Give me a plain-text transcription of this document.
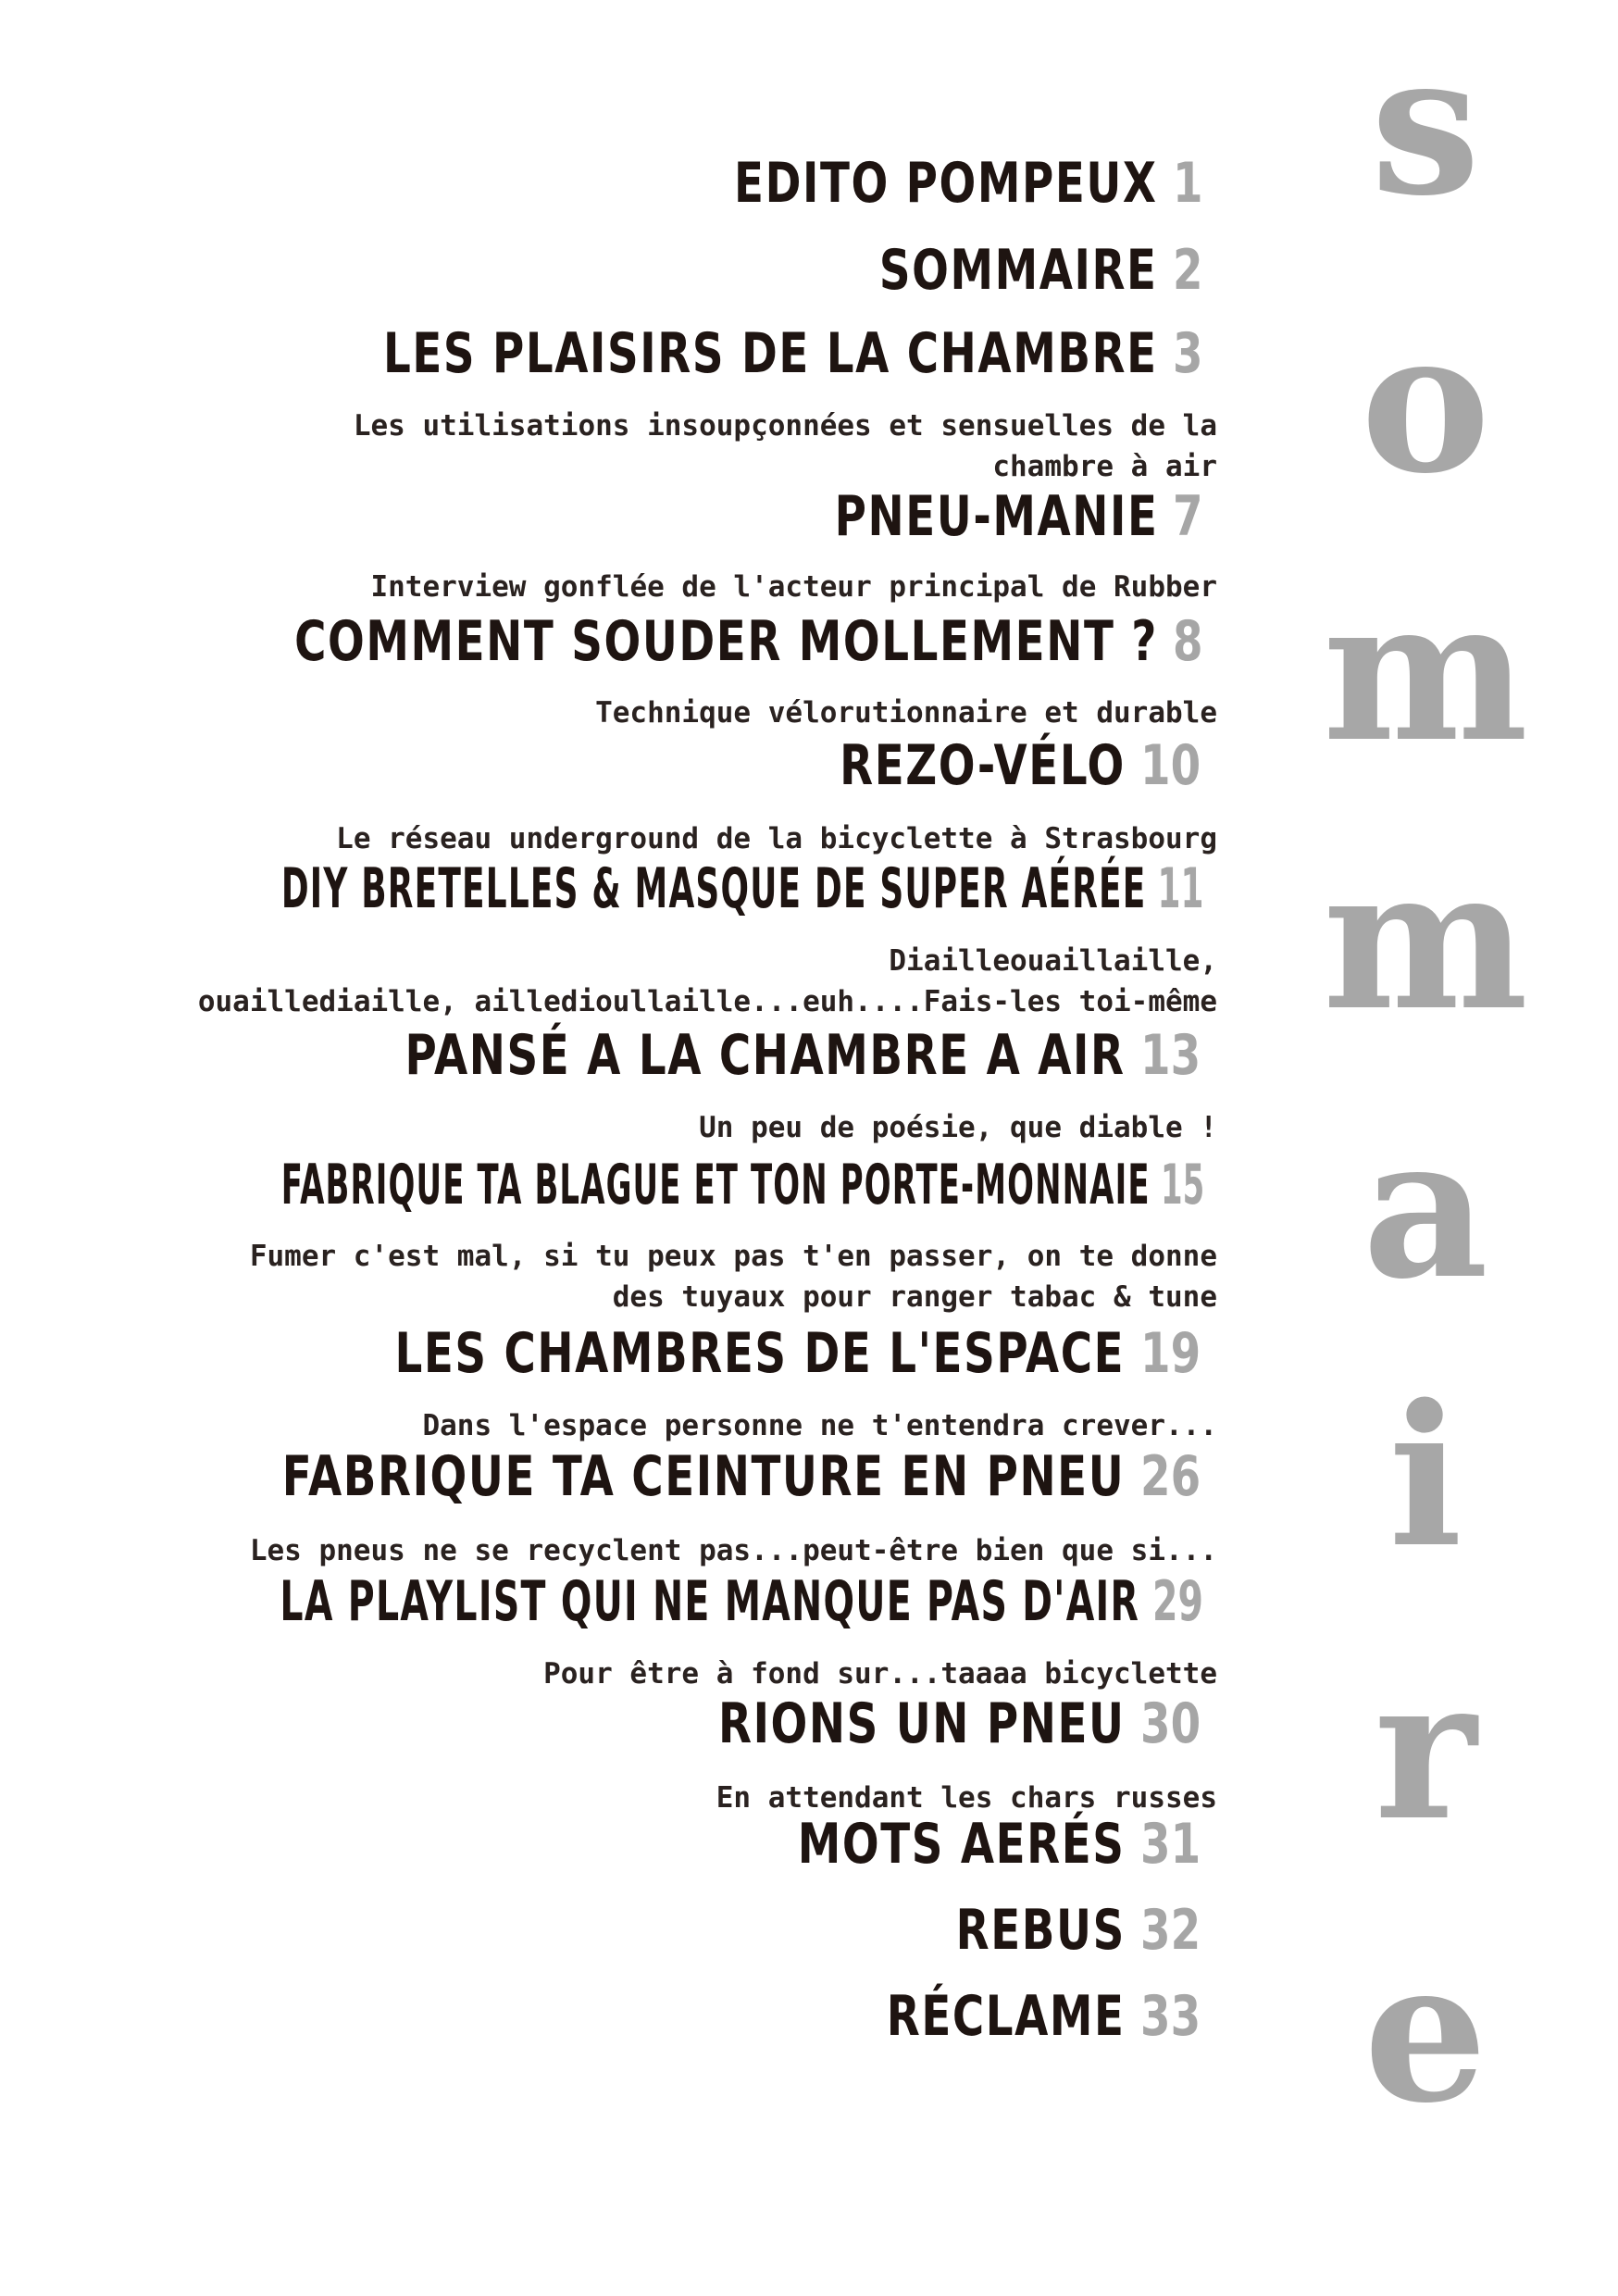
EDITO POMPEUX 1
SOMMAIRE 2
LES PLAISIRS DE LA CHAMBRE 3
Les utilisations insoupçonnées et sensuelles de la
chambre à air
PNEU-MANIE 7
Interview gonflée de l'acteur principal de Rubber
COMMENT SOUDER MOLLEMENT ? 8
Technique vélorutionnaire et durable
REZO-VÉLO 10
Le réseau underground de la bicyclette à Strasbourg
DIY BRETELLES & MASQUE DE SUPER AÉRÉE 11
Diailleouaillaille,
ouaillediaille, ailledioullaille...euh....Fais-les toi-même
PANSÉ A LA CHAMBRE A AIR 13
Un peu de poésie, que diable !
FABRIQUE TA BLAGUE ET TON PORTE-MONNAIE 15
Fumer c'est mal, si tu peux pas t'en passer, on te donne
des tuyaux pour ranger tabac & tune
LES CHAMBRES DE L'ESPACE 19
Dans l'espace personne ne t'entendra crever...
FABRIQUE TA CEINTURE EN PNEU 26
Les pneus ne se recyclent pas...peut-être bien que si...
LA PLAYLIST QUI NE MANQUE PAS D'AIR 29
Pour être à fond sur...taaaa bicyclette
RIONS UN PNEU 30
En attendant les chars russes
MOTS AERÉS 31
REBUS 32
RÉCLAME 33
s
o
m
m
a
i
r
e
